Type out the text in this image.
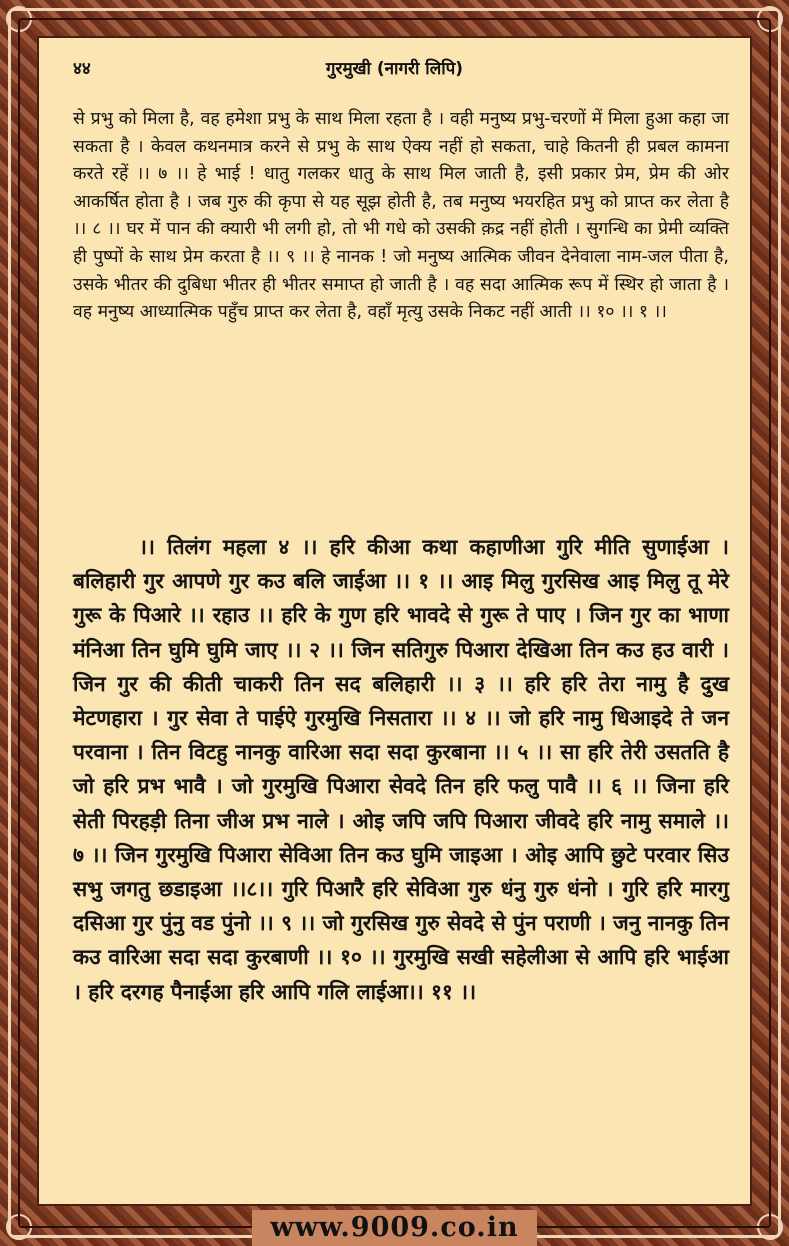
४४	गुरमुखी (नागरी लिपि)

से प्रभु को मिला है, वह हमेशा प्रभु के साथ मिला रहता है । वही मनुष्य प्रभु-चरणों में मिला हुआ कहा जा सकता है । केवल कथनमात्र करने से प्रभु के साथ ऐक्य नहीं हो सकता, चाहे कितनी ही प्रबल कामना करते रहें ।। ७ ।। हे भाई ! धातु गलकर धातु के साथ मिल जाती है, इसी प्रकार प्रेम, प्रेम की ओर आकर्षित होता है । जब गुरु की कृपा से यह सूझ होती है, तब मनुष्य भयरहित प्रभु को प्राप्त कर लेता है ।। ८ ।। घर में पान की क्यारी भी लगी हो, तो भी गधे को उसकी क़द्र नहीं होती । सुगन्धि का प्रेमी व्यक्ति ही पुष्पों के साथ प्रेम करता है ।। ९ ।। हे नानक ! जो मनुष्य आत्मिक जीवन देनेवाला नाम-जल पीता है, उसके भीतर की दुबिधा भीतर ही भीतर समाप्त हो जाती है । वह सदा आत्मिक रूप में स्थिर हो जाता है । वह मनुष्य आध्यात्मिक पहुँच प्राप्त कर लेता है, वहाँ मृत्यु उसके निकट नहीं आती ।। १० ।। १ ।।

।। तिलंग महला ४ ।। हरि कीआ कथा कहाणीआ गुरि मीति सुणाईआ । बलिहारी गुर आपणे गुर कउ बलि जाईआ ।। १ ।। आइ मिलु गुरसिख आइ मिलु तू मेरे गुरू के पिआरे ।। रहाउ ।। हरि के गुण हरि भावदे से गुरू ते पाए । जिन गुर का भाणा मंनिआ तिन घुमि घुमि जाए ।। २ ।। जिन सतिगुरु पिआरा देखिआ तिन कउ हउ वारी । जिन गुर की कीती चाकरी तिन सद बलिहारी ।। ३ ।। हरि हरि तेरा नामु है दुख मेटणहारा । गुर सेवा ते पाईऐ गुरमुखि निसतारा ।। ४ ।। जो हरि नामु धिआइदे ते जन परवाना । तिन विटहु नानकु वारिआ सदा सदा कुरबाना ।। ५ ।। सा हरि तेरी उसतति है जो हरि प्रभ भावै । जो गुरमुखि पिआरा सेवदे तिन हरि फलु पावै ।। ६ ।। जिना हरि सेती पिरहड़ी तिना जीअ प्रभ नाले । ओइ जपि जपि पिआरा जीवदे हरि नामु समाले ।। ७ ।। जिन गुरमुखि पिआरा सेविआ तिन कउ घुमि जाइआ । ओइ आपि छुटे परवार सिउ सभु जगतु छडाइआ ।।८।। गुरि पिआरै हरि सेविआ गुरु धंनु गुरु धंनो । गुरि हरि मारगु दसिआ गुर पुंनु वड पुंनो ।। ९ ।। जो गुरसिख गुरु सेवदे से पुंन पराणी । जनु नानकु तिन कउ वारिआ सदा सदा कुरबाणी ।। १० ।। गुरमुखि सखी सहेलीआ से आपि हरि भाईआ । हरि दरगह पैनाईआ हरि आपि गलि लाईआ।। ११ ।।

www.9009.co.in
